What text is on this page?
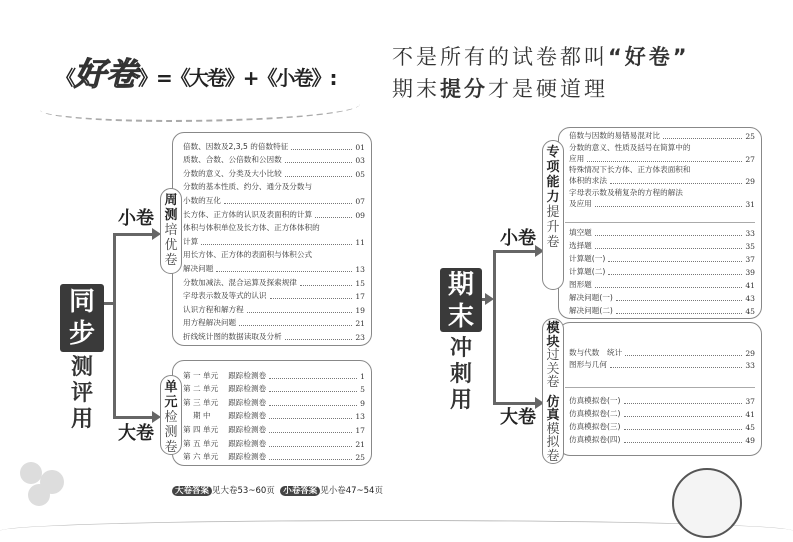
《好卷》=《大卷》+《小卷》:
不是所有的试卷都叫“好卷”
期末提分才是硬道理
同
步
测
评
用
小卷
大卷
倍数、因数及2,3,5 的倍数特征	01
质数、合数、公倍数和公因数	03
分数的意义、分类及大小比较	05
分数的基本性质、约分、通分及分数与
小数的互化	07
长方体、正方体的认识及表面积的计算	09
体积与体积单位及长方体、正方体体积的
计算	11
用长方体、正方体的表面积与体积公式
解决问题	13
分数加减法、混合运算及探索规律	15
字母表示数及等式的认识	17
认识方程和解方程	19
用方程解决问题	21
折线统计图的数据读取及分析	23
周
测
培
优
卷
第 一 单元　 跟踪检测卷	1
第 二 单元　 跟踪检测卷	5
第 三 单元　 跟踪检测卷	9
　 期 中　　 跟踪检测卷	13
第 四 单元　 跟踪检测卷	17
第 五 单元　 跟踪检测卷	21
第 六 单元　 跟踪检测卷	25
单
元
检
测
卷
大卷答案 见大卷53~60页 小卷答案 见小卷47~54页
期
末
冲
刺
用
小卷
大卷
倍数与因数的易错易混对比	25
分数的意义、性质及括号在简算中的
应用	27
特殊情况下长方体、正方体表面积和
体积的求法	29
字母表示数及稍复杂的方程的解法
及应用	31
填空题	33
选择题	35
计算题(一)	37
计算题(二)	39
图形题	41
解决问题(一)	43
解决问题(二)	45
专
项
能
力
提
升
卷
数与代数　统计	29
图形与几何	33
仿真模拟卷(一)	37
仿真模拟卷(二)	41
仿真模拟卷(三)	45
仿真模拟卷(四)	49
模
块
过
关
卷
仿
真
模
拟
卷
